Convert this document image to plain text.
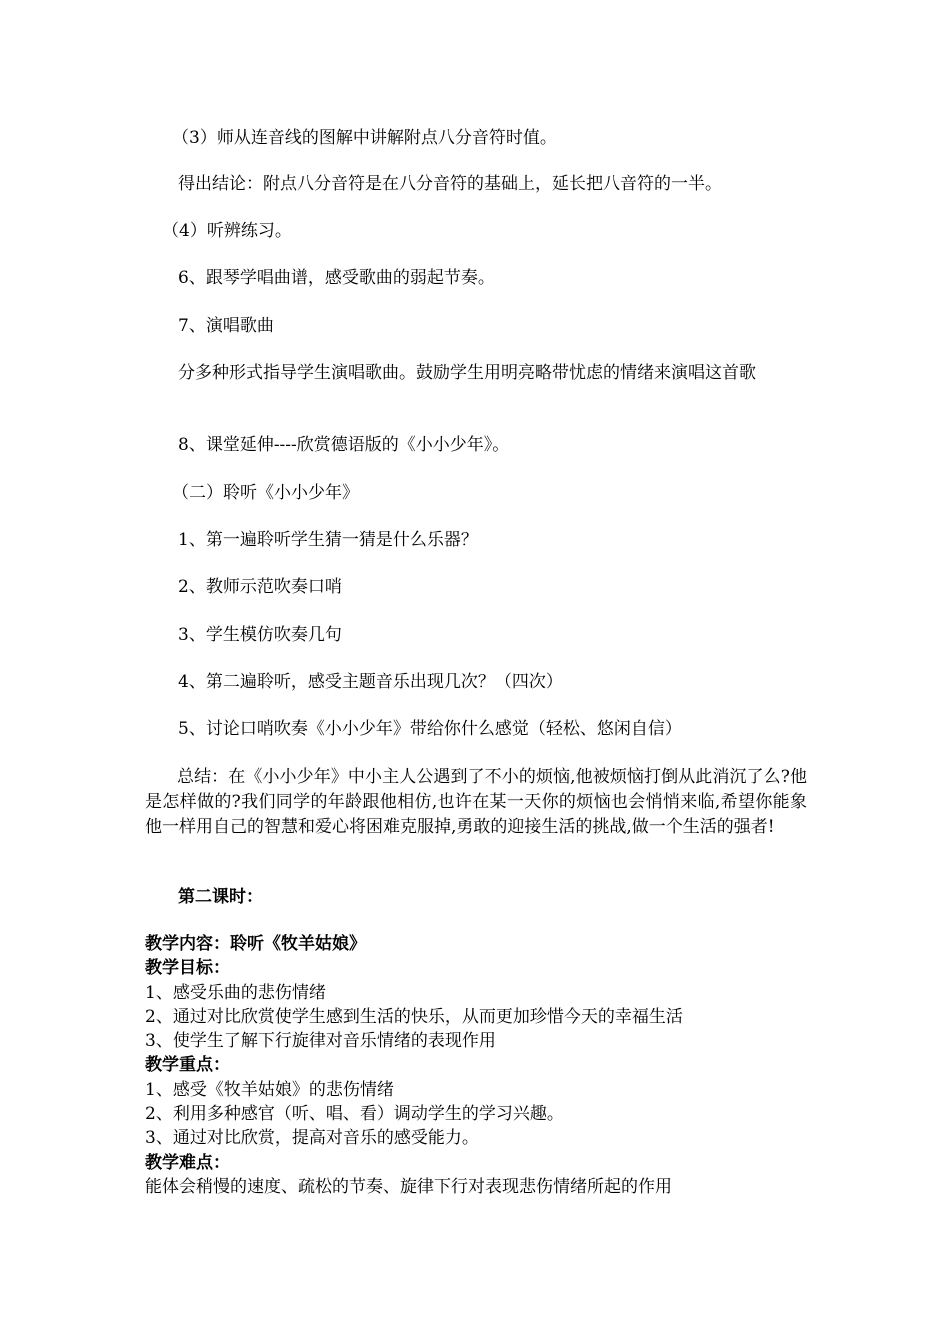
（3）师从连音线的图解中讲解附点八分音符时值。
得出结论：附点八分音符是在八分音符的基础上，延长把八音符的一半。
（4）听辨练习。
6、跟琴学唱曲谱，感受歌曲的弱起节奏。
7、演唱歌曲
分多种形式指导学生演唱歌曲。鼓励学生用明亮略带忧虑的情绪来演唱这首歌
8、课堂延伸----欣赏德语版的《小小少年》。
（二）聆听《小小少年》
1、第一遍聆听学生猜一猜是什么乐器？
2、教师示范吹奏口哨
3、学生模仿吹奏几句
4、第二遍聆听，感受主题音乐出现几次？（四次）
5、讨论口哨吹奏《小小少年》带给你什么感觉（轻松、悠闲自信）
总结：在《小小少年》中小主人公遇到了不小的烦恼,他被烦恼打倒从此消沉了么?他是怎样做的?我们同学的年龄跟他相仿,也许在某一天你的烦恼也会悄悄来临,希望你能象他一样用自己的智慧和爱心将困难克服掉,勇敢的迎接生活的挑战,做一个生活的强者!
第二课时：
教学内容：聆听《牧羊姑娘》
教学目标：
1、感受乐曲的悲伤情绪
2、通过对比欣赏使学生感到生活的快乐，从而更加珍惜今天的幸福生活
3、使学生了解下行旋律对音乐情绪的表现作用
教学重点：
1、感受《牧羊姑娘》的悲伤情绪
2、利用多种感官（听、唱、看）调动学生的学习兴趣。
3、通过对比欣赏，提高对音乐的感受能力。
教学难点：
能体会稍慢的速度、疏松的节奏、旋律下行对表现悲伤情绪所起的作用
